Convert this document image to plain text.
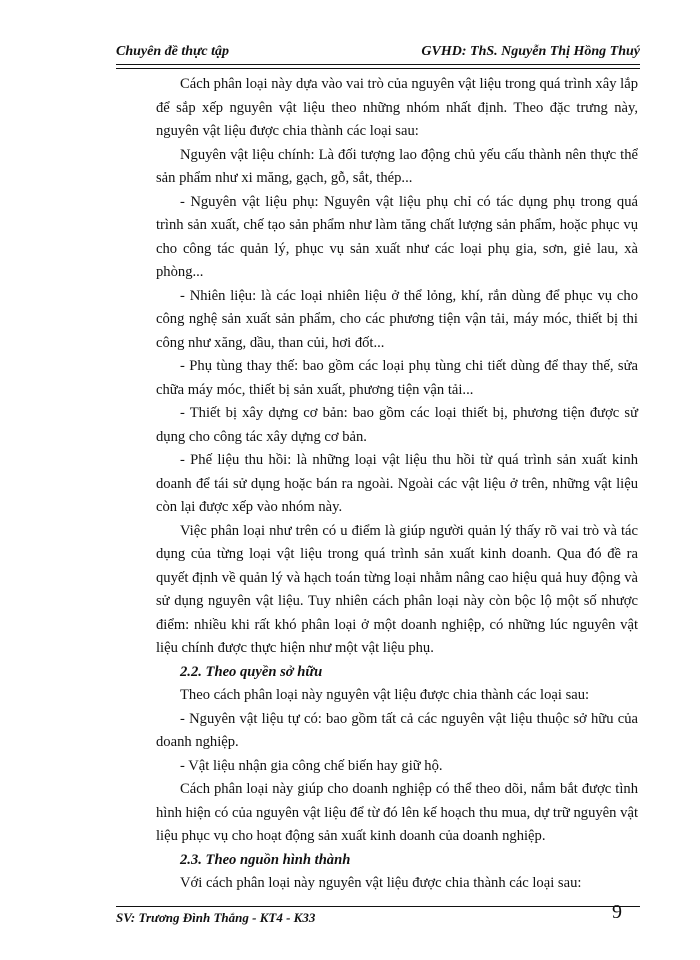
Chuyên đề thực tập	GVHD: ThS. Nguyễn Thị Hồng Thuý

Cách phân loại này dựa vào vai trò của nguyên vật liệu trong quá trình xây lắp để sắp xếp nguyên vật liệu theo những nhóm nhất định. Theo đặc trưng này, nguyên vật liệu được chia thành các loại sau:

Nguyên vật liệu chính: Là đối tượng lao động chủ yếu cấu thành nên thực thể sản phẩm như xi măng, gạch, gỗ, sắt, thép...

- Nguyên vật liệu phụ: Nguyên vật liệu phụ chỉ có tác dụng phụ trong quá trình sản xuất, chế tạo sản phẩm như làm tăng chất lượng sản phẩm, hoặc phục vụ cho công tác quản lý, phục vụ sản xuất như các loại phụ gia, sơn, giẻ lau, xà phòng...

- Nhiên liệu: là các loại nhiên liệu ở thể lỏng, khí, rắn dùng để phục vụ cho công nghệ sản xuất sản phẩm, cho các phương tiện vận tải, máy móc, thiết bị thi công như xăng, dầu, than củi, hơi đốt...

- Phụ tùng thay thế: bao gồm các loại phụ tùng chi tiết dùng để thay thế, sửa chữa máy móc, thiết bị sản xuất, phương tiện vận tải...

- Thiết bị xây dựng cơ bản: bao gồm các loại thiết bị, phương tiện được sử dụng cho công tác xây dựng cơ bản.

- Phế liệu thu hồi: là những loại vật liệu thu hồi từ quá trình sản xuất kinh doanh để tái sử dụng hoặc bán ra ngoài. Ngoài các vật liệu ở trên, những vật liệu còn lại được xếp vào nhóm này.

Việc phân loại như trên có u điểm là giúp người quản lý thấy rõ vai trò và tác dụng của từng loại vật liệu trong quá trình sản xuất kinh doanh. Qua đó đề ra quyết định về quản lý và hạch toán từng loại nhằm nâng cao hiệu quả huy động và sử dụng nguyên vật liệu. Tuy nhiên cách phân loại này còn bộc lộ một số nhược điểm: nhiều khi rất khó phân loại ở một doanh nghiệp, có những lúc nguyên vật liệu chính được thực hiện như một vật liệu phụ.

2.2. Theo quyền sở hữu

Theo cách phân loại này nguyên vật liệu được chia thành các loại sau:

- Nguyên vật liệu tự có: bao gồm tất cả các nguyên vật liệu thuộc sở hữu của doanh nghiệp.

- Vật liệu nhận gia công chế biến hay giữ hộ.

Cách phân loại này giúp cho doanh nghiệp có thể theo dõi, nắm bắt được tình hình hiện có của nguyên vật liệu để từ đó lên kế hoạch thu mua, dự trữ nguyên vật liệu phục vụ cho hoạt động sản xuất kinh doanh của doanh nghiệp.

2.3. Theo nguồn hình thành

Với cách phân loại này nguyên vật liệu được chia thành các loại sau:

SV: Trương Đình Thắng - KT4 - K33	9
